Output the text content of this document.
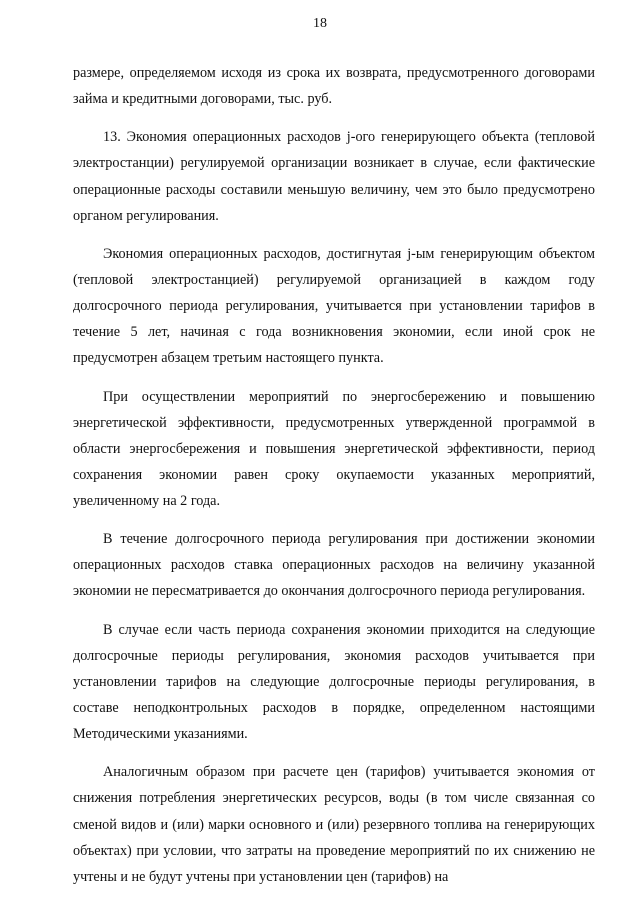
18

размере, определяемом исходя из срока их возврата, предусмотренного договорами займа и кредитными договорами, тыс. руб.

13. Экономия операционных расходов j-ого генерирующего объекта (тепловой электростанции) регулируемой организации возникает в случае, если фактические операционные расходы составили меньшую величину, чем это было предусмотрено органом регулирования.

Экономия операционных расходов, достигнутая j-ым генерирующим объектом (тепловой электростанцией) регулируемой организацией в каждом году долгосрочного периода регулирования, учитывается при установлении тарифов в течение 5 лет, начиная с года возникновения экономии, если иной срок не предусмотрен абзацем третьим настоящего пункта.

При осуществлении мероприятий по энергосбережению и повышению энергетической эффективности, предусмотренных утвержденной программой в области энергосбережения и повышения энергетической эффективности, период сохранения экономии равен сроку окупаемости указанных мероприятий, увеличенному на 2 года.

В течение долгосрочного периода регулирования при достижении экономии операционных расходов ставка операционных расходов на величину указанной экономии не пересматривается до окончания долгосрочного периода регулирования.

В случае если часть периода сохранения экономии приходится на следующие долгосрочные периоды регулирования, экономия расходов учитывается при установлении тарифов на следующие долгосрочные периоды регулирования, в составе неподконтрольных расходов в порядке, определенном настоящими Методическими указаниями.

Аналогичным образом при расчете цен (тарифов) учитывается экономия от снижения потребления энергетических ресурсов, воды (в том числе связанная со сменой видов и (или) марки основного и (или) резервного топлива на генерирующих объектах) при условии, что затраты на проведение мероприятий по их снижению не учтены и не будут учтены при установлении цен (тарифов) на
